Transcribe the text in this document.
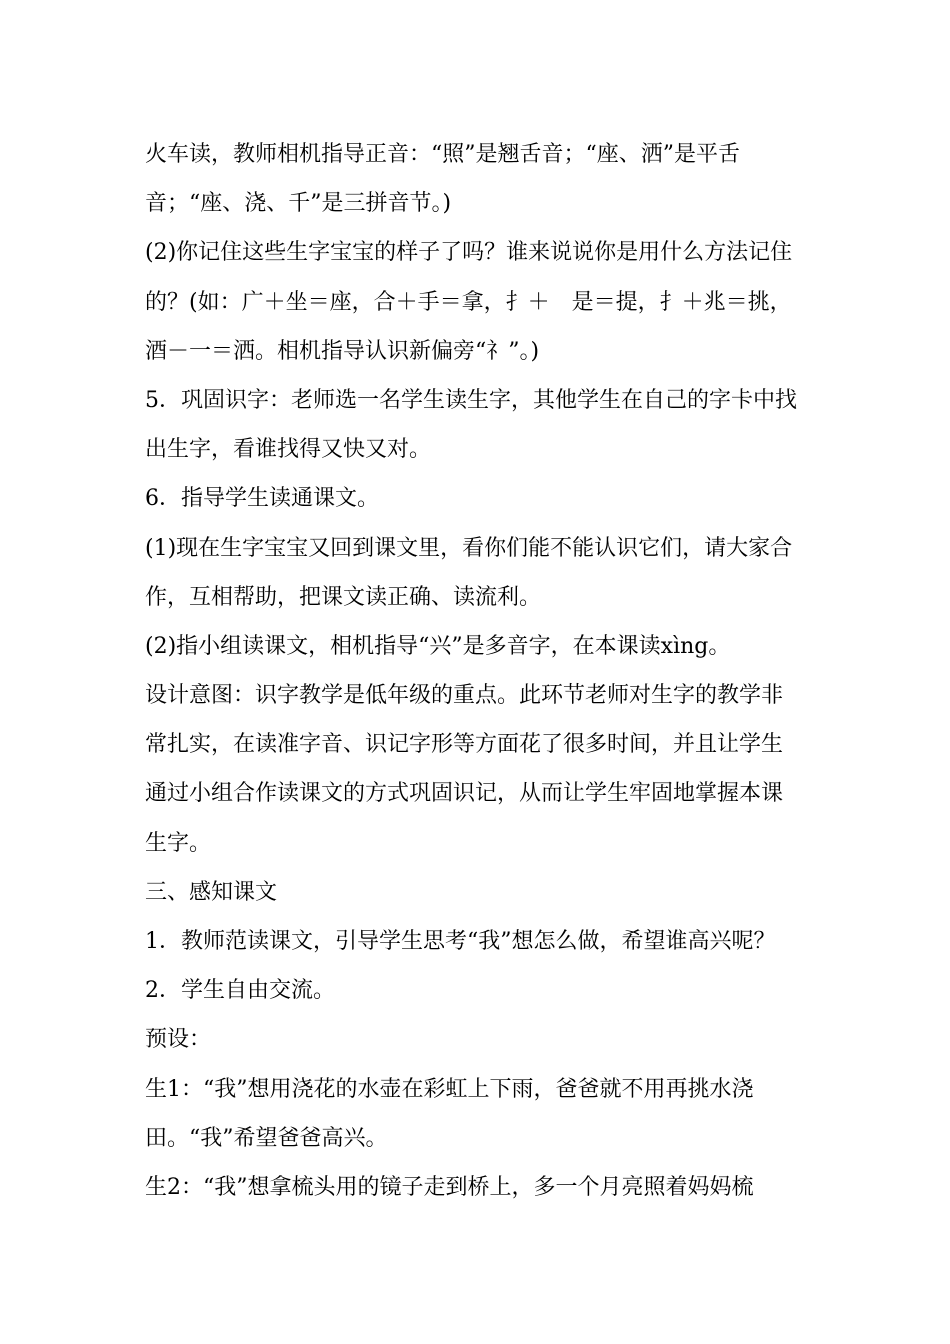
火车读，教师相机指导正音：“照”是翘舌音；“座、洒”是平舌
音；“座、浇、千”是三拼音节。)
(2)你记住这些生字宝宝的样子了吗？谁来说说你是用什么方法记住
的？(如：广＋坐＝座，合＋手＝拿，扌＋　是＝提，扌＋兆＝挑，
酒－一＝洒。相机指导认识新偏旁“⺭”。)
5．巩固识字：老师选一名学生读生字，其他学生在自己的字卡中找
出生字，看谁找得又快又对。
6．指导学生读通课文。
(1)现在生字宝宝又回到课文里，看你们能不能认识它们，请大家合
作，互相帮助，把课文读正确、读流利。
(2)指小组读课文，相机指导“兴”是多音字，在本课读xìng。
设计意图：识字教学是低年级的重点。此环节老师对生字的教学非
常扎实，在读准字音、识记字形等方面花了很多时间，并且让学生
通过小组合作读课文的方式巩固识记，从而让学生牢固地掌握本课
生字。
三、感知课文
1．教师范读课文，引导学生思考“我”想怎么做，希望谁高兴呢？
2．学生自由交流。
预设：
生1：“我”想用浇花的水壶在彩虹上下雨，爸爸就不用再挑水浇
田。“我”希望爸爸高兴。
生2：“我”想拿梳头用的镜子走到桥上，多一个月亮照着妈妈梳
